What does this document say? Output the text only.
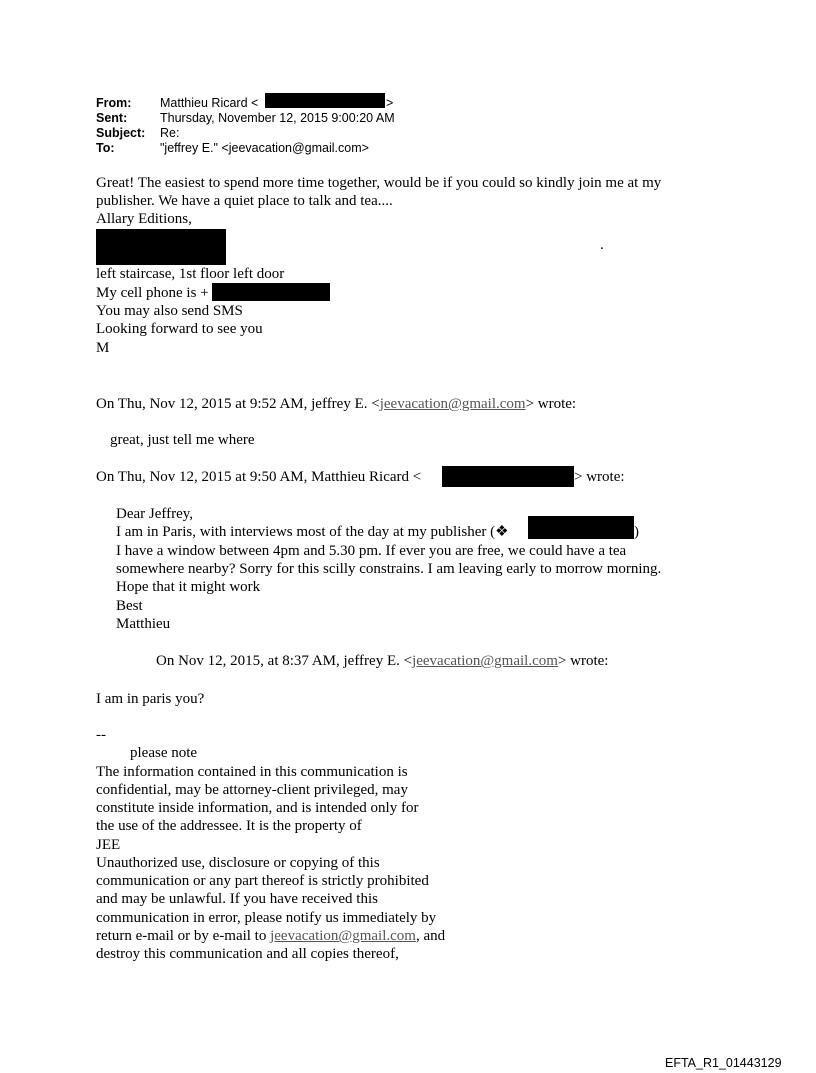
From: Matthieu Ricard <	>
Sent:	Thursday, November 12, 2015 9:00:20 AM
Subject: Re:
To:	"jeffrey E." <jeevacation@gmail.com>
Great! The easiest to spend more time together, would be if you could so kindly join me at my
publisher. We have a quiet place to talk and tea....
Allary Editions,
.
left staircase, 1st floor left door
My cell phone is +
You may also send SMS
Looking forward to see you
M
On Thu, Nov 12, 2015 at 9:52 AM, jeffrey E. <jeevacation@gmail.com> wrote:
great, just tell me where
On Thu, Nov 12, 2015 at 9:50 AM, Matthieu Ricard <	> wrote:
Dear Jeffrey,
I am in Paris, with interviews most of the day at my publisher (❖	)
I have a window between 4pm and 5.30 pm. If ever you are free, we could have a tea
somewhere nearby? Sorry for this scilly constrains. I am leaving early to morrow morning.
Hope that it might work
Best
Matthieu
On Nov 12, 2015, at 8:37 AM, jeffrey E. <jeevacation@gmail.com> wrote:
I am in paris you?
--
please note
The information contained in this communication is
confidential, may be attorney-client privileged, may
constitute inside information, and is intended only for
the use of the addressee. It is the property of
JEE
Unauthorized use, disclosure or copying of this
communication or any part thereof is strictly prohibited
and may be unlawful. If you have received this
communication in error, please notify us immediately by
return e-mail or by e-mail to jeevacation@gmail.com, and
destroy this communication and all copies thereof,
EFTA_R1_01443129
